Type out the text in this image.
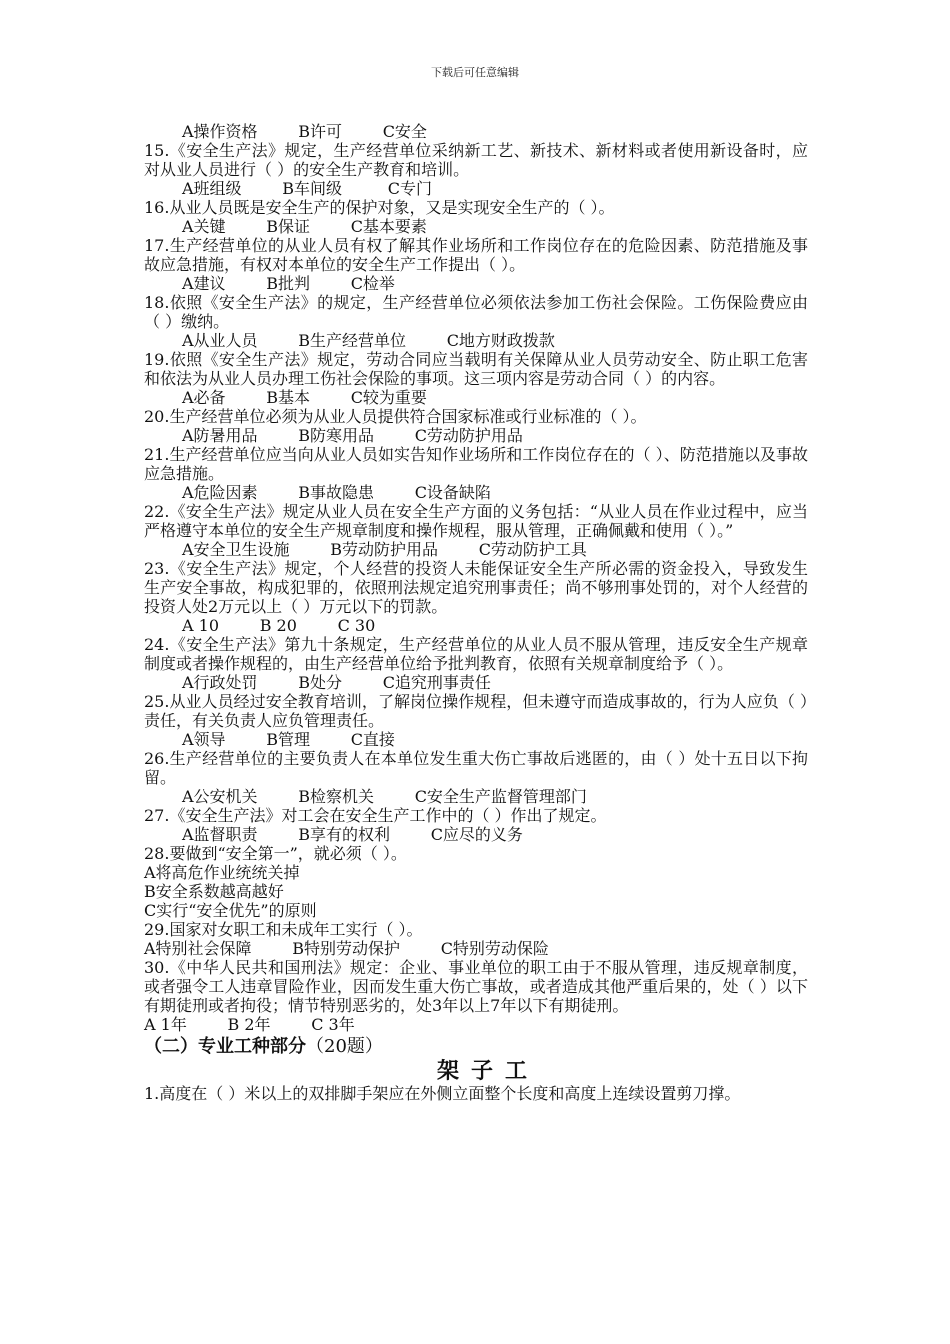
下载后可任意编辑

A操作资格        B许可        C安全

15.《安全生产法》规定，生产经营单位采纳新工艺、新技术、新材料或者使用新设备时，应对从业人员进行（ ）的安全生产教育和培训。

A班组级        B车间级         C专门

16.从业人员既是安全生产的保护对象，又是实现安全生产的（ ）。

A关键        B保证        C基本要素

17.生产经营单位的从业人员有权了解其作业场所和工作岗位存在的危险因素、防范措施及事故应急措施，有权对本单位的安全生产工作提出（ ）。

A建议        B批判        C检举

18.依照《安全生产法》的规定，生产经营单位必须依法参加工伤社会保险。工伤保险费应由（ ）缴纳。

A从业人员        B生产经营单位        C地方财政拨款

19.依照《安全生产法》规定，劳动合同应当载明有关保障从业人员劳动安全、防止职工危害和依法为从业人员办理工伤社会保险的事项。这三项内容是劳动合同（ ）的内容。

A必备        B基本        C较为重要

20.生产经营单位必须为从业人员提供符合国家标准或行业标准的（ ）。

A防暑用品        B防寒用品        C劳动防护用品

21.生产经营单位应当向从业人员如实告知作业场所和工作岗位存在的（ ）、防范措施以及事故应急措施。

A危险因素        B事故隐患        C设备缺陷

22.《安全生产法》规定从业人员在安全生产方面的义务包括：“从业人员在作业过程中，应当严格遵守本单位的安全生产规章制度和操作规程，服从管理，正确佩戴和使用（ ）。”

A安全卫生设施        B劳动防护用品        C劳动防护工具

23.《安全生产法》规定，个人经营的投资人未能保证安全生产所必需的资金投入，导致发生生产安全事故，构成犯罪的，依照刑法规定追究刑事责任；尚不够刑事处罚的，对个人经营的投资人处2万元以上（ ）万元以下的罚款。

A 10        B 20        C 30

24.《安全生产法》第九十条规定，生产经营单位的从业人员不服从管理，违反安全生产规章制度或者操作规程的，由生产经营单位给予批判教育，依照有关规章制度给予（ ）。

A行政处罚        B处分        C追究刑事责任

25.从业人员经过安全教育培训，了解岗位操作规程，但未遵守而造成事故的，行为人应负（ ）责任，有关负责人应负管理责任。

A领导        B管理        C直接

26.生产经营单位的主要负责人在本单位发生重大伤亡事故后逃匿的，由（ ）处十五日以下拘留。

A公安机关        B检察机关        C安全生产监督管理部门

27.《安全生产法》对工会在安全生产工作中的（ ）作出了规定。

A监督职责        B享有的权利        C应尽的义务

28.要做到“安全第一”，就必须（ ）。

A将高危作业统统关掉

B安全系数越高越好

C实行“安全优先”的原则

29.国家对女职工和未成年工实行（ ）。

A特别社会保障        B特别劳动保护        C特别劳动保险

30.《中华人民共和国刑法》规定：企业、事业单位的职工由于不服从管理，违反规章制度，或者强令工人违章冒险作业，因而发生重大伤亡事故，或者造成其他严重后果的，处（ ）以下有期徒刑或者拘役；情节特别恶劣的，处3年以上7年以下有期徒刑。

A 1年        B 2年        C 3年

（二）专业工种部分（20题）

架子工

1.高度在（ ）米以上的双排脚手架应在外侧立面整个长度和高度上连续设置剪刀撑。
